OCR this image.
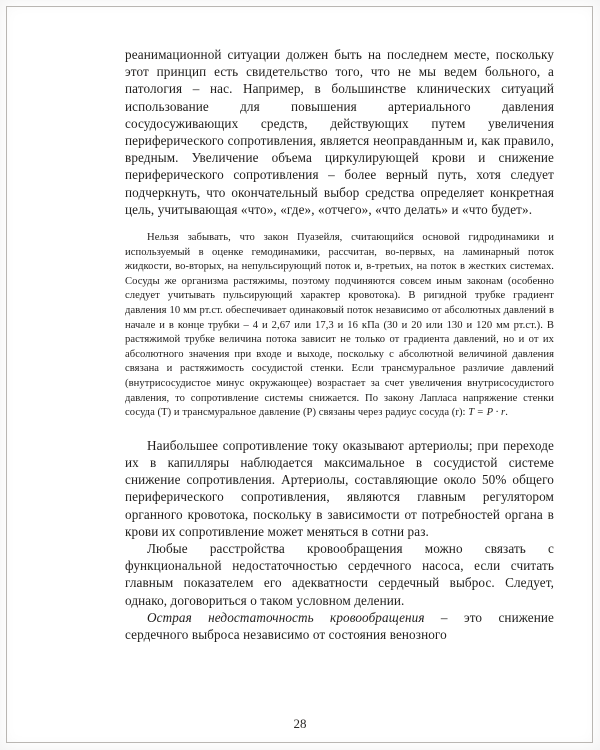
реанимационной ситуации должен быть на последнем месте, поскольку этот принцип есть свидетельство того, что не мы ведем больного, а патология – нас. Например, в большинстве клинических ситуаций использование для повышения артериального давления сосудосуживающих средств, действующих путем увеличения периферического сопротивления, является неоправданным и, как правило, вредным. Увеличение объема циркулирующей крови и снижение периферического сопротивления – более верный путь, хотя следует подчеркнуть, что окончательный выбор средства определяет конкретная цель, учитывающая «что», «где», «отчего», «что делать» и «что будет».

Нельзя забывать, что закон Пуазейля, считающийся основой гидродинамики и используемый в оценке гемодинамики, рассчитан, во-первых, на ламинарный поток жидкости, во-вторых, на непульсирующий поток и, в-третьих, на поток в жестких системах. Сосуды же организма растяжимы, поэтому подчиняются совсем иным законам (особенно следует учитывать пульсирующий характер кровотока). В ригидной трубке градиент давления 10 мм рт.ст. обеспечивает одинаковый поток независимо от абсолютных давлений в начале и в конце трубки – 4 и 2,67 или 17,3 и 16 кПа (30 и 20 или 130 и 120 мм рт.ст.). В растяжимой трубке величина потока зависит не только от градиента давлений, но и от их абсолютного значения при входе и выходе, поскольку с абсолютной величиной давления связана и растяжимость сосудистой стенки. Если трансмуральное различие давлений (внутрисосудистое минус окружающее) возрастает за счет увеличения внутрисосудистого давления, то сопротивление системы снижается. По закону Лапласа напряжение стенки сосуда (Т) и трансмуральное давление (Р) связаны через радиус сосуда (r): T = P · r.

Наибольшее сопротивление току оказывают артериолы; при переходе их в капилляры наблюдается максимальное в сосудистой системе снижение сопротивления. Артериолы, составляющие около 50% общего периферического сопротивления, являются главным регулятором органного кровотока, поскольку в зависимости от потребностей органа в крови их сопротивление может меняться в сотни раз.

Любые расстройства кровообращения можно связать с функциональной недостаточностью сердечного насоса, если считать главным показателем его адекватности сердечный выброс. Следует, однако, договориться о таком условном делении.

Острая недостаточность кровообращения – это снижение сердечного выброса независимо от состояния венозного

28
